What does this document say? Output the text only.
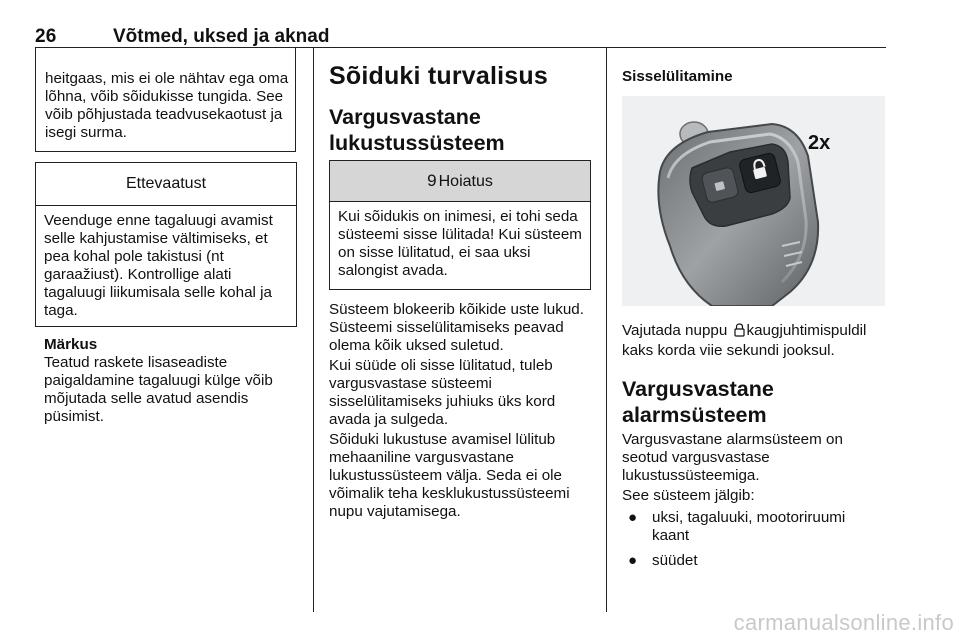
26	Võtmed, uksed ja aknad

heitgaas, mis ei ole nähtav ega oma lõhna, võib sõidukisse tungida. See võib põhjustada teadvusekaotust ja isegi surma.

Ettevaatust

Veenduge enne tagaluugi avamist selle kahjustamise vältimiseks, et pea kohal pole takistusi (nt garaažiust). Kontrollige alati tagaluugi liikumisala selle kohal ja taga.

Märkus

Teatud raskete lisaseadiste paigaldamine tagaluugi külge võib mõjutada selle avatud asendis püsimist.

Sõiduki turvalisus
Vargusvastane lukustussüsteem
9 Hoiatus

Kui sõidukis on inimesi, ei tohi seda süsteemi sisse lülitada! Kui süsteem on sisse lülitatud, ei saa uksi salongist avada.

Süsteem blokeerib kõikide uste lukud. Süsteemi sisselülitamiseks peavad olema kõik uksed suletud.

Kui süüde oli sisse lülitatud, tuleb vargusvastase süsteemi sisselülitamiseks juhiuks üks kord avada ja sulgeda.

Sõiduki lukustuse avamisel lülitub mehaaniline vargusvastane lukustussüsteem välja. Seda ei ole võimalik teha kesklukustussüsteemi nupu vajutamisega.

Sisselülitamine
2x

Vajutada nuppu kaugjuhtimispuldil kaks korda viie sekundi jooksul.

Vargusvastane alarmsüsteem

Vargusvastane alarmsüsteem on seotud vargusvastase lukustussüsteemiga.

See süsteem jälgib:

● uksi, tagaluuki, mootoriruumi kaant
● süüdet
carmanualsonline.info
